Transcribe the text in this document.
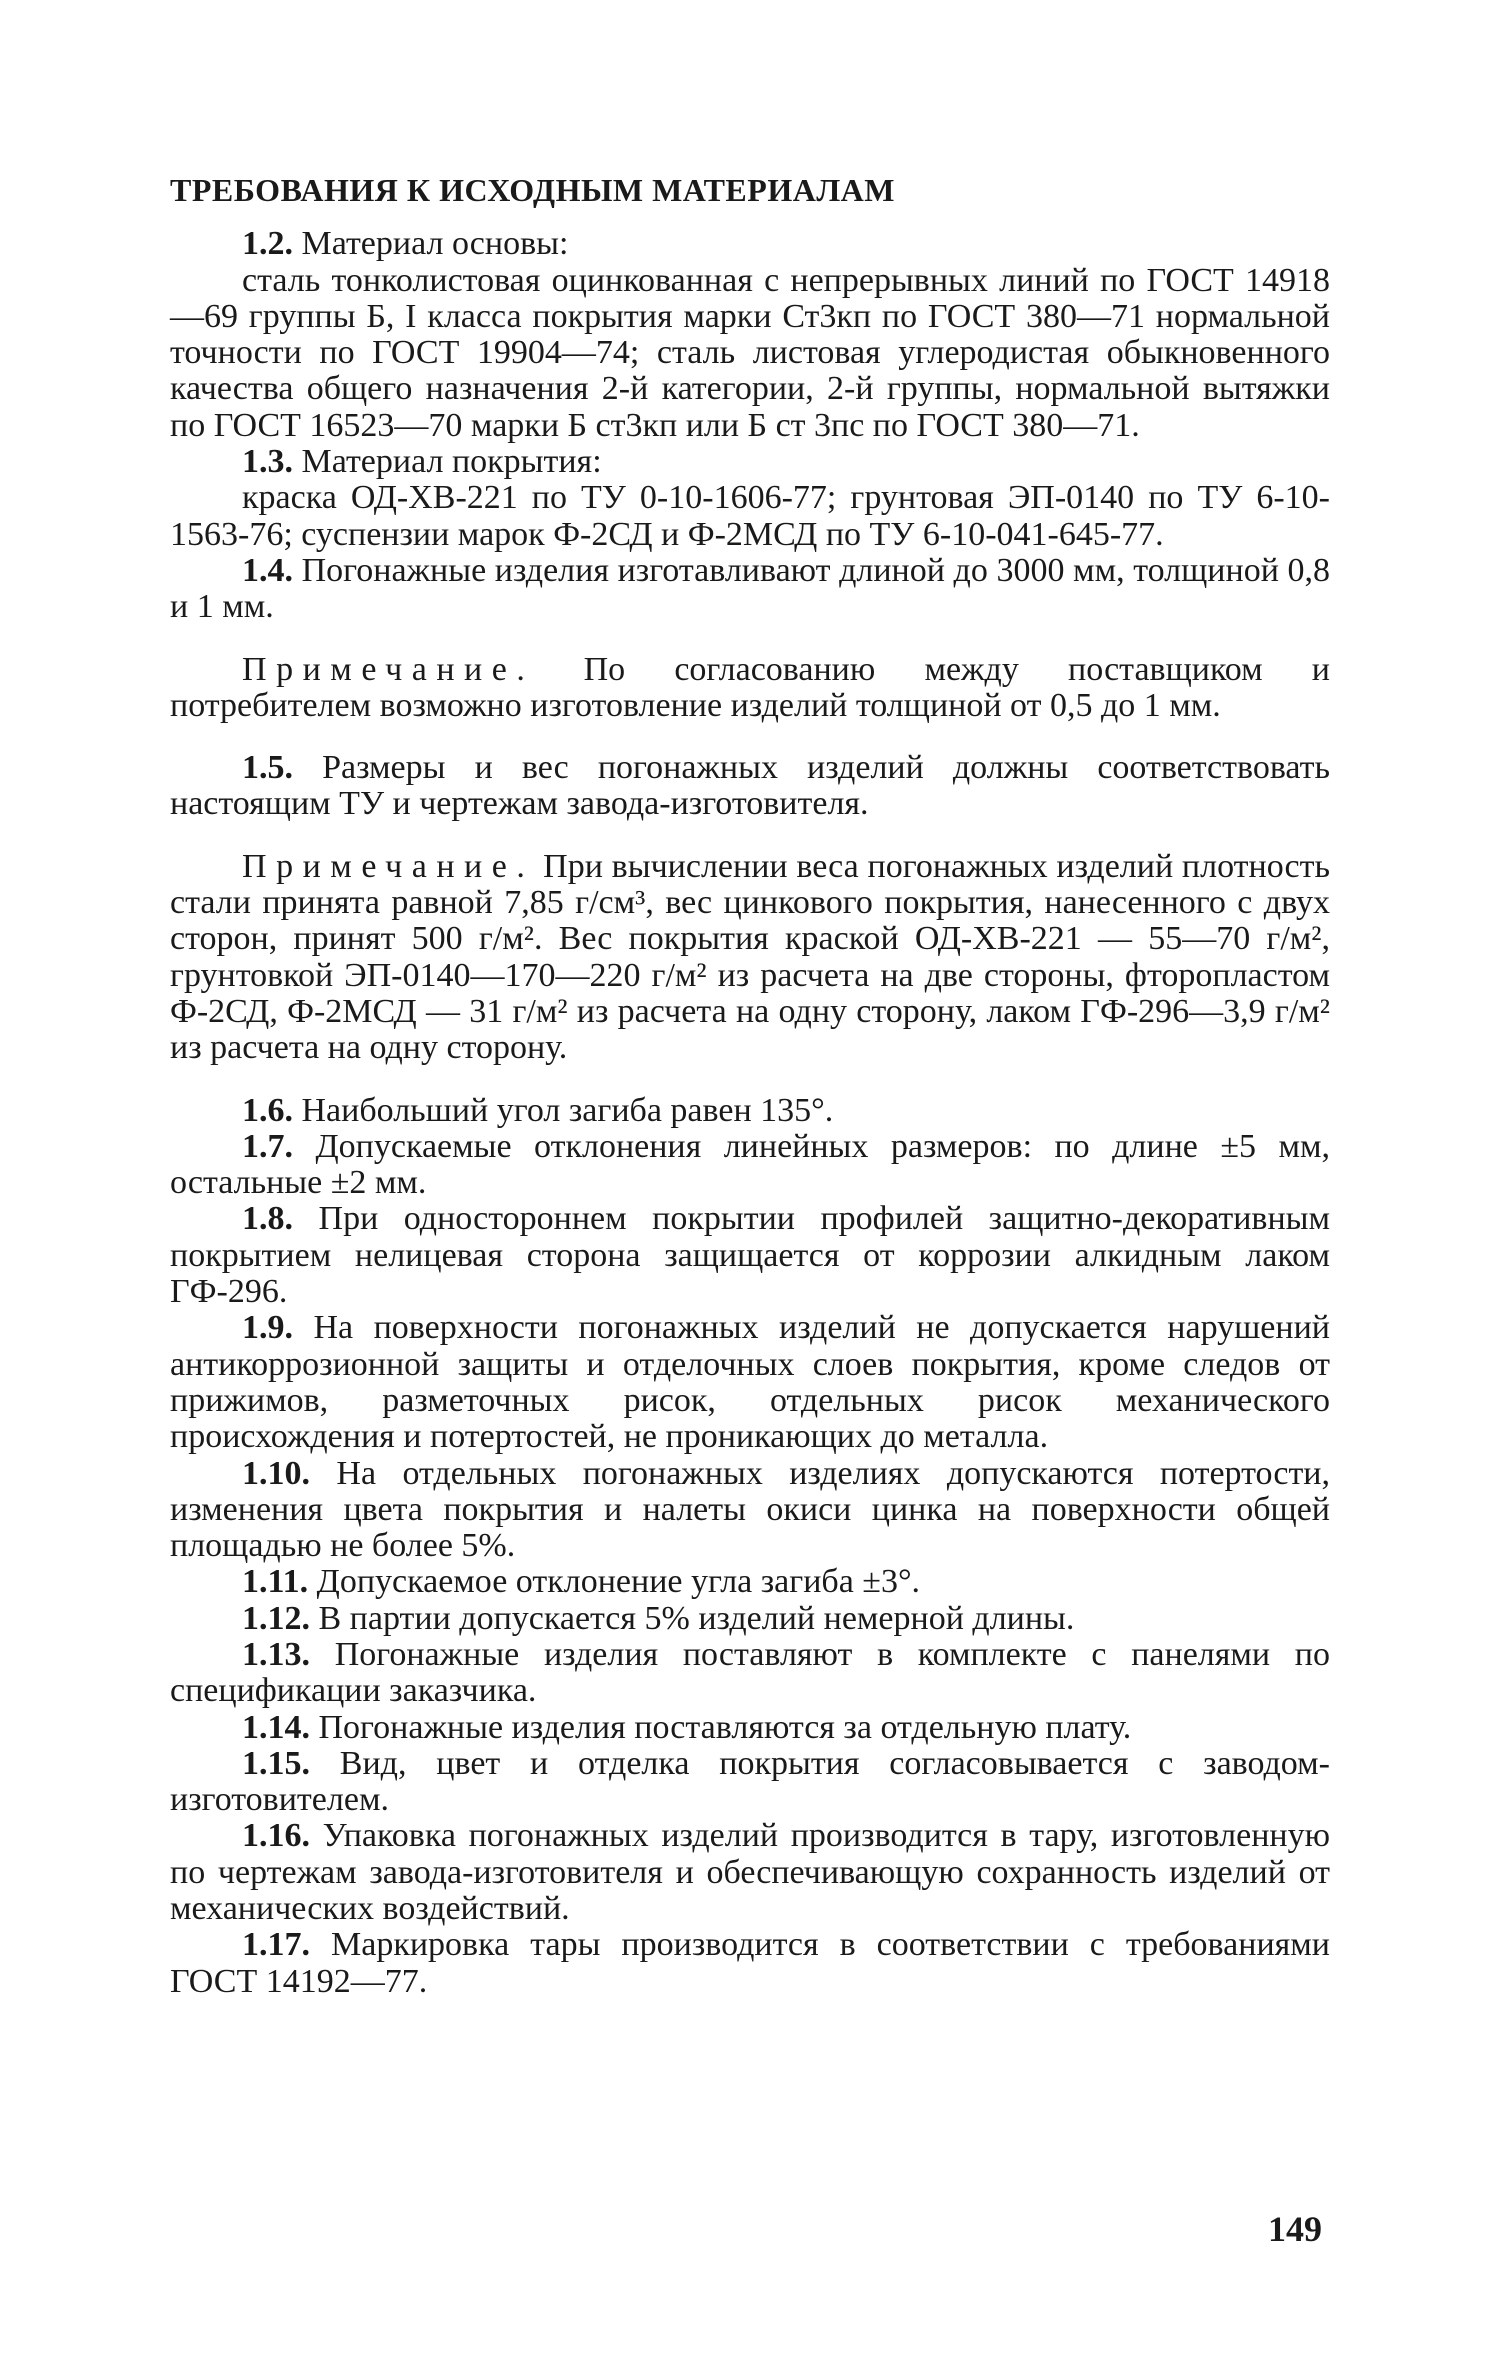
ТРЕБОВАНИЯ К ИСХОДНЫМ МАТЕРИАЛАМ

1.2. Материал основы:

сталь тонколистовая оцинкованная с непрерывных линий по ГОСТ 14918—69 группы Б, I класса покрытия марки Ст3кп по ГОСТ 380—71 нормальной точности по ГОСТ 19904—74; сталь листовая углеродистая обыкновенного качества общего назначения 2-й категории, 2-й группы, нормальной вытяжки по ГОСТ 16523—70 марки Б ст3кп или Б ст 3пс по ГОСТ 380—71.

1.3. Материал покрытия:

краска ОД-ХВ-221 по ТУ 0-10-1606-77; грунтовая ЭП-0140 по ТУ 6-10-1563-76; суспензии марок Ф-2СД и Ф-2МСД по ТУ 6-10-041-645-77.

1.4. Погонажные изделия изготавливают длиной до 3000 мм, толщиной 0,8 и 1 мм.

Примечание. По согласованию между поставщиком и потребителем возможно изготовление изделий толщиной от 0,5 до 1 мм.

1.5. Размеры и вес погонажных изделий должны соответствовать настоящим ТУ и чертежам завода-изготовителя.

Примечание. При вычислении веса погонажных изделий плотность стали принята равной 7,85 г/см³, вес цинкового покрытия, нанесенного с двух сторон, принят 500 г/м². Вес покрытия краской ОД-ХВ-221 — 55—70 г/м², грунтовкой ЭП-0140—170—220 г/м² из расчета на две стороны, фторопластом Ф-2СД, Ф-2МСД — 31 г/м² из расчета на одну сторону, лаком ГФ-296—3,9 г/м² из расчета на одну сторону.

1.6. Наибольший угол загиба равен 135°.

1.7. Допускаемые отклонения линейных размеров: по длине ±5 мм, остальные ±2 мм.

1.8. При одностороннем покрытии профилей защитно-декоративным покрытием нелицевая сторона защищается от коррозии алкидным лаком ГФ-296.

1.9. На поверхности погонажных изделий не допускается нарушений антикоррозионной защиты и отделочных слоев покрытия, кроме следов от прижимов, разметочных рисок, отдельных рисок механического происхождения и потертостей, не проникающих до металла.

1.10. На отдельных погонажных изделиях допускаются потертости, изменения цвета покрытия и налеты окиси цинка на поверхности общей площадью не более 5%.

1.11. Допускаемое отклонение угла загиба ±3°.

1.12. В партии допускается 5% изделий немерной длины.

1.13. Погонажные изделия поставляют в комплекте с панелями по спецификации заказчика.

1.14. Погонажные изделия поставляются за отдельную плату.

1.15. Вид, цвет и отделка покрытия согласовывается с заводом-изготовителем.

1.16. Упаковка погонажных изделий производится в тару, изготовленную по чертежам завода-изготовителя и обеспечивающую сохранность изделий от механических воздействий.

1.17. Маркировка тары производится в соответствии с требованиями ГОСТ 14192—77.

149
